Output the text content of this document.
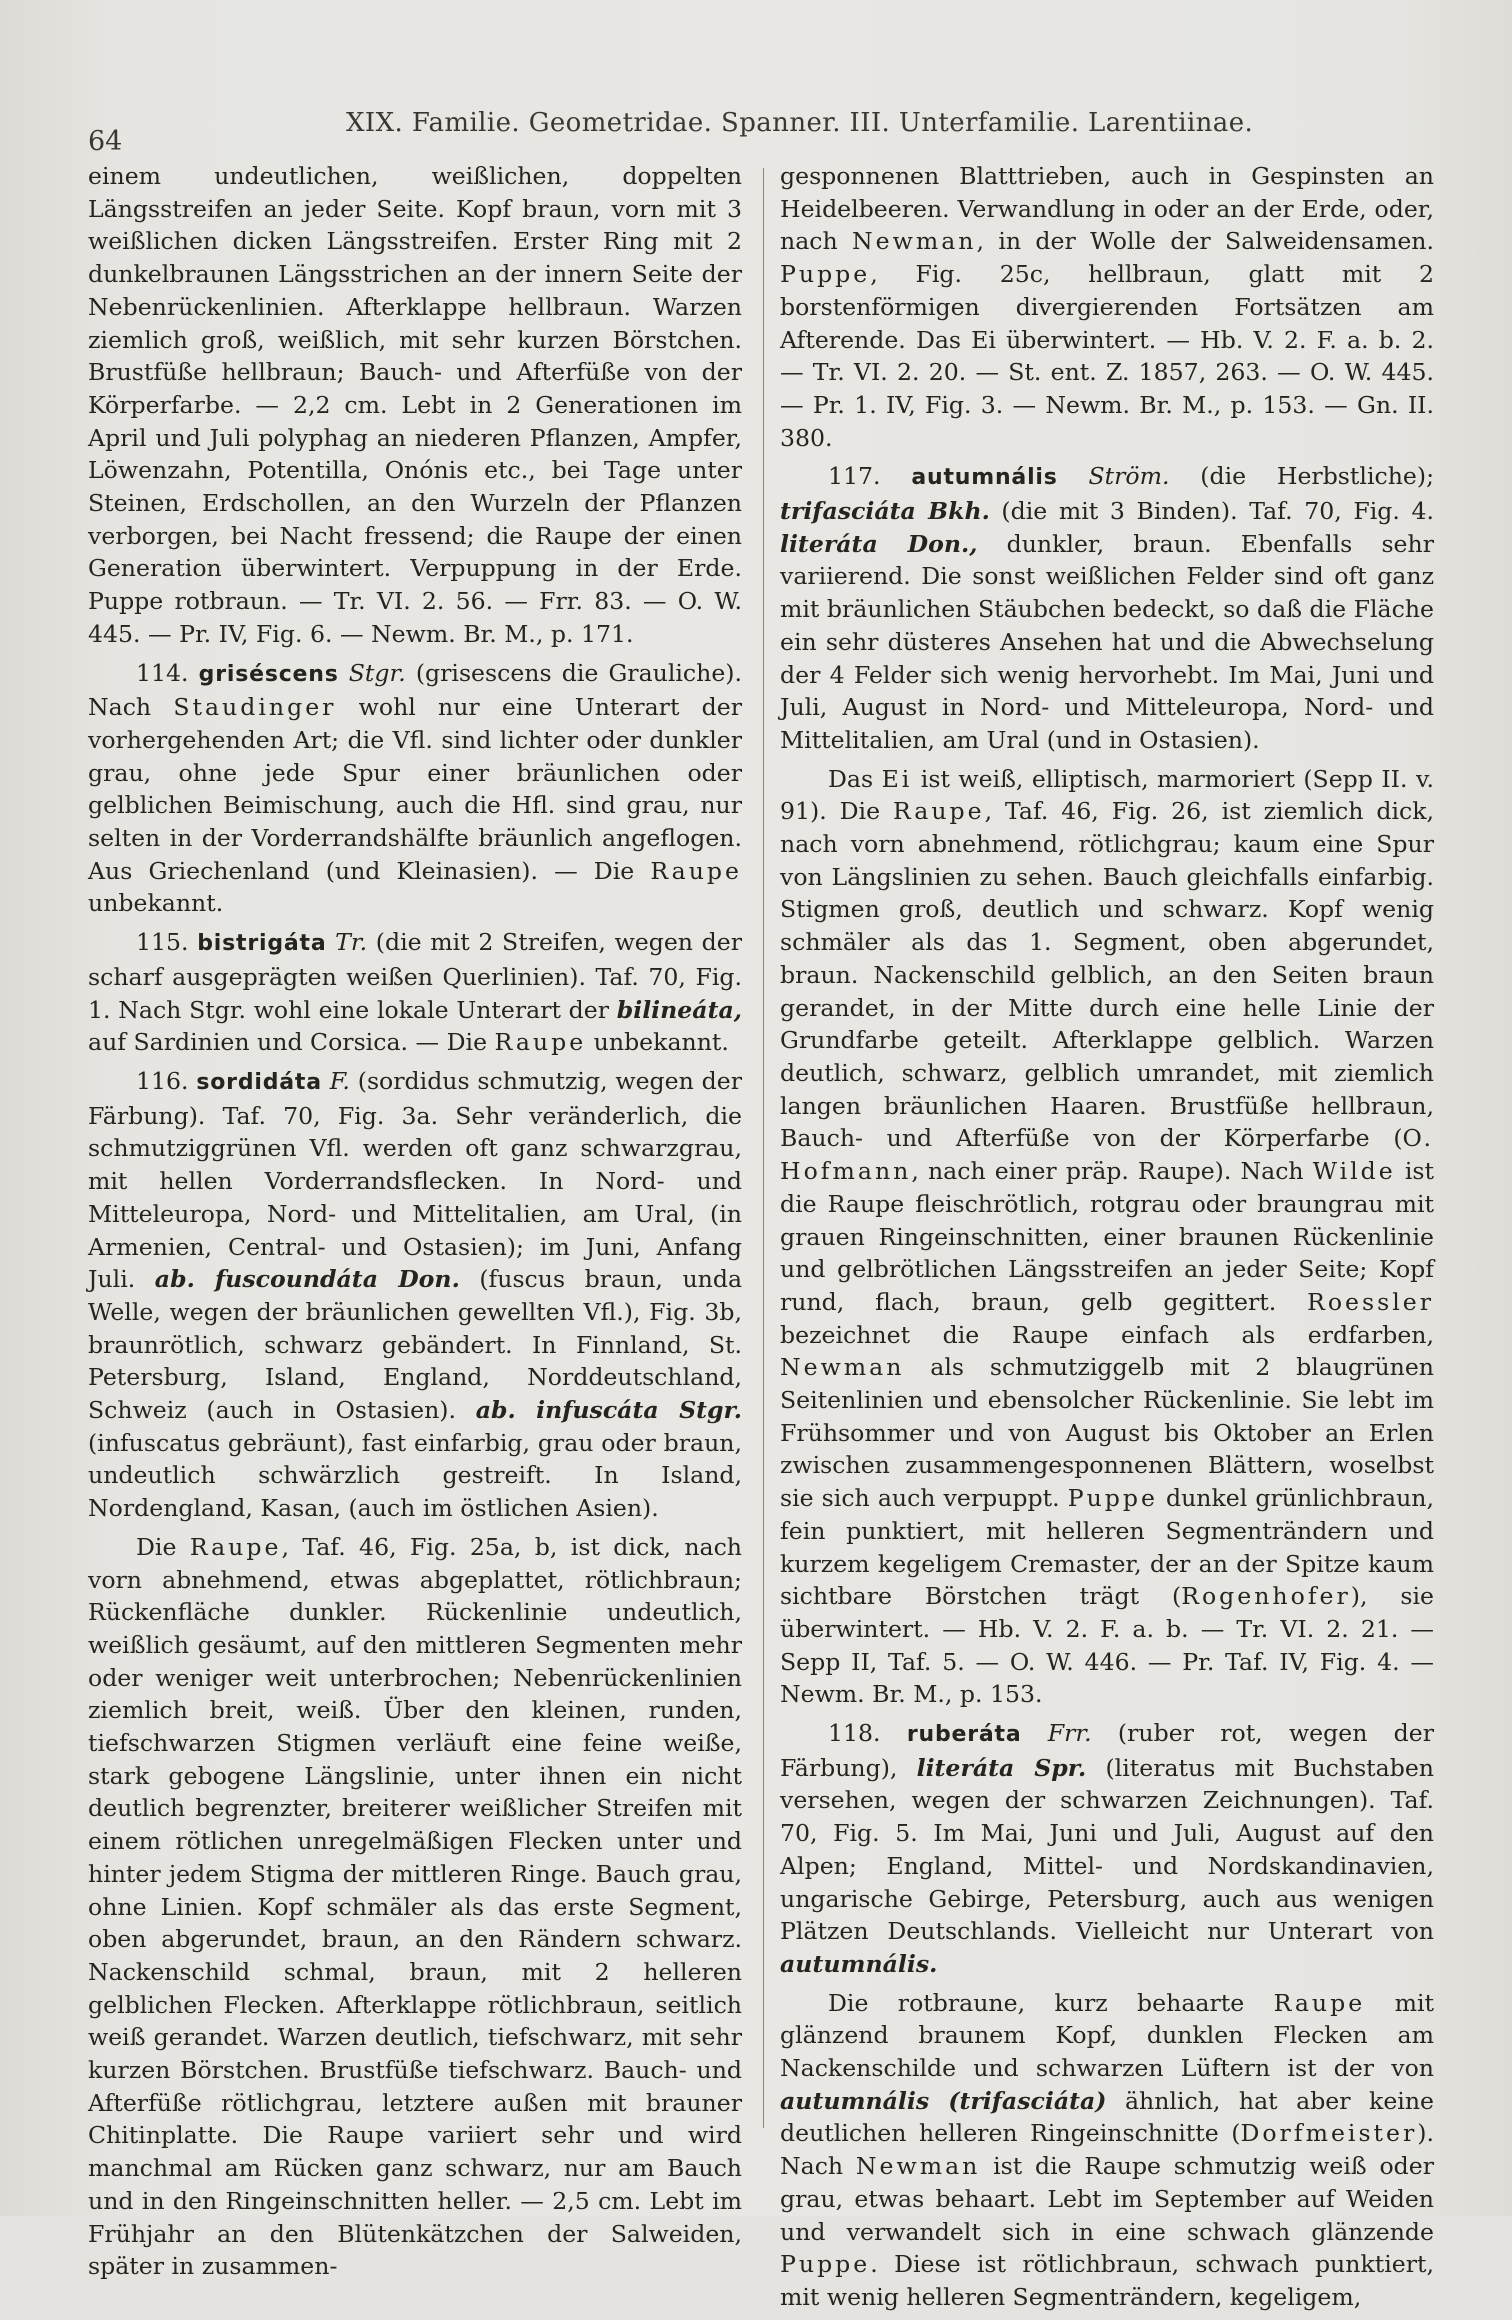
64
XIX. Familie. Geometridae. Spanner. III. Unterfamilie. Larentiinae.

einem undeutlichen, weißlichen, doppelten Längsstreifen an jeder Seite. Kopf braun, vorn mit 3 weißlichen dicken Längsstreifen. Erster Ring mit 2 dunkelbraunen Längsstrichen an der innern Seite der Nebenrückenlinien. Afterklappe hellbraun. Warzen ziemlich groß, weißlich, mit sehr kurzen Börstchen. Brustfüße hellbraun; Bauch- und Afterfüße von der Körperfarbe. — 2,2 cm. Lebt in 2 Generationen im April und Juli polyphag an niederen Pflanzen, Ampfer, Löwenzahn, Potentilla, Onónis etc., bei Tage unter Steinen, Erdschollen, an den Wurzeln der Pflanzen verborgen, bei Nacht fressend; die Raupe der einen Generation überwintert. Verpuppung in der Erde. Puppe rotbraun. — Tr. VI. 2. 56. — Frr. 83. — O. W. 445. — Pr. IV, Fig. 6. — Newm. Br. M., p. 171.

114. griséscens Stgr. (grisescens die Grauliche). Nach Staudinger wohl nur eine Unterart der vorhergehenden Art; die Vfl. sind lichter oder dunkler grau, ohne jede Spur einer bräunlichen oder gelblichen Beimischung, auch die Hfl. sind grau, nur selten in der Vorderrandshälfte bräunlich angeflogen. Aus Griechenland (und Kleinasien). — Die Raupe unbekannt.

115. bistrigáta Tr. (die mit 2 Streifen, wegen der scharf ausgeprägten weißen Querlinien). Taf. 70, Fig. 1. Nach Stgr. wohl eine lokale Unterart der bilineáta, auf Sardinien und Corsica. — Die Raupe unbekannt.

116. sordidáta F. (sordidus schmutzig, wegen der Färbung). Taf. 70, Fig. 3a. Sehr veränderlich, die schmutziggrünen Vfl. werden oft ganz schwarzgrau, mit hellen Vorderrandsflecken. In Nord- und Mitteleuropa, Nord- und Mittelitalien, am Ural, (in Armenien, Central- und Ostasien); im Juni, Anfang Juli. ab. fuscoundáta Don. (fuscus braun, unda Welle, wegen der bräunlichen gewellten Vfl.), Fig. 3b, braunrötlich, schwarz gebändert. In Finnland, St. Petersburg, Island, England, Norddeutschland, Schweiz (auch in Ostasien). ab. infuscáta Stgr. (infuscatus gebräunt), fast einfarbig, grau oder braun, undeutlich schwärzlich gestreift. In Island, Nordengland, Kasan, (auch im östlichen Asien).

Die Raupe, Taf. 46, Fig. 25a, b, ist dick, nach vorn abnehmend, etwas abgeplattet, rötlichbraun; Rückenfläche dunkler. Rückenlinie undeutlich, weißlich gesäumt, auf den mittleren Segmenten mehr oder weniger weit unterbrochen; Nebenrückenlinien ziemlich breit, weiß. Über den kleinen, runden, tiefschwarzen Stigmen verläuft eine feine weiße, stark gebogene Längslinie, unter ihnen ein nicht deutlich begrenzter, breiterer weißlicher Streifen mit einem rötlichen unregelmäßigen Flecken unter und hinter jedem Stigma der mittleren Ringe. Bauch grau, ohne Linien. Kopf schmäler als das erste Segment, oben abgerundet, braun, an den Rändern schwarz. Nackenschild schmal, braun, mit 2 helleren gelblichen Flecken. Afterklappe rötlichbraun, seitlich weiß gerandet. Warzen deutlich, tiefschwarz, mit sehr kurzen Börstchen. Brustfüße tiefschwarz. Bauch- und Afterfüße rötlichgrau, letztere außen mit brauner Chitinplatte. Die Raupe variiert sehr und wird manchmal am Rücken ganz schwarz, nur am Bauch und in den Ringeinschnitten heller. — 2,5 cm. Lebt im Frühjahr an den Blütenkätzchen der Salweiden, später in zusammen-

gesponnenen Blatttrieben, auch in Gespinsten an Heidelbeeren. Verwandlung in oder an der Erde, oder, nach Newman, in der Wolle der Salweidensamen. Puppe, Fig. 25c, hellbraun, glatt mit 2 borstenförmigen divergierenden Fortsätzen am Afterende. Das Ei überwintert. — Hb. V. 2. F. a. b. 2. — Tr. VI. 2. 20. — St. ent. Z. 1857, 263. — O. W. 445. — Pr. 1. IV, Fig. 3. — Newm. Br. M., p. 153. — Gn. II. 380.

117. autumnális Ström. (die Herbstliche); trifasciáta Bkh. (die mit 3 Binden). Taf. 70, Fig. 4. literáta Don., dunkler, braun. Ebenfalls sehr variierend. Die sonst weißlichen Felder sind oft ganz mit bräunlichen Stäubchen bedeckt, so daß die Fläche ein sehr düsteres Ansehen hat und die Abwechselung der 4 Felder sich wenig hervorhebt. Im Mai, Juni und Juli, August in Nord- und Mitteleuropa, Nord- und Mittelitalien, am Ural (und in Ostasien).

Das Ei ist weiß, elliptisch, marmoriert (Sepp II. v. 91). Die Raupe, Taf. 46, Fig. 26, ist ziemlich dick, nach vorn abnehmend, rötlichgrau; kaum eine Spur von Längslinien zu sehen. Bauch gleichfalls einfarbig. Stigmen groß, deutlich und schwarz. Kopf wenig schmäler als das 1. Segment, oben abgerundet, braun. Nackenschild gelblich, an den Seiten braun gerandet, in der Mitte durch eine helle Linie der Grundfarbe geteilt. Afterklappe gelblich. Warzen deutlich, schwarz, gelblich umrandet, mit ziemlich langen bräunlichen Haaren. Brustfüße hellbraun, Bauch- und Afterfüße von der Körperfarbe (O. Hofmann, nach einer präp. Raupe). Nach Wilde ist die Raupe fleischrötlich, rotgrau oder braungrau mit grauen Ringeinschnitten, einer braunen Rückenlinie und gelbrötlichen Längsstreifen an jeder Seite; Kopf rund, flach, braun, gelb gegittert. Roessler bezeichnet die Raupe einfach als erdfarben, Newman als schmutziggelb mit 2 blaugrünen Seitenlinien und ebensolcher Rückenlinie. Sie lebt im Frühsommer und von August bis Oktober an Erlen zwischen zusammengesponnenen Blättern, woselbst sie sich auch verpuppt. Puppe dunkel grünlichbraun, fein punktiert, mit helleren Segmenträndern und kurzem kegeligem Cremaster, der an der Spitze kaum sichtbare Börstchen trägt (Rogenhofer), sie überwintert. — Hb. V. 2. F. a. b. — Tr. VI. 2. 21. — Sepp II, Taf. 5. — O. W. 446. — Pr. Taf. IV, Fig. 4. — Newm. Br. M., p. 153.

118. ruberáta Frr. (ruber rot, wegen der Färbung), literáta Spr. (literatus mit Buchstaben versehen, wegen der schwarzen Zeichnungen). Taf. 70, Fig. 5. Im Mai, Juni und Juli, August auf den Alpen; England, Mittel- und Nordskandinavien, ungarische Gebirge, Petersburg, auch aus wenigen Plätzen Deutschlands. Vielleicht nur Unterart von autumnális.

Die rotbraune, kurz behaarte Raupe mit glänzend braunem Kopf, dunklen Flecken am Nackenschilde und schwarzen Lüftern ist der von autumnális (trifasciáta) ähnlich, hat aber keine deutlichen helleren Ringeinschnitte (Dorfmeister). Nach Newman ist die Raupe schmutzig weiß oder grau, etwas behaart. Lebt im September auf Weiden und verwandelt sich in eine schwach glänzende Puppe. Diese ist rötlichbraun, schwach punktiert, mit wenig helleren Segmenträndern, kegeligem,
